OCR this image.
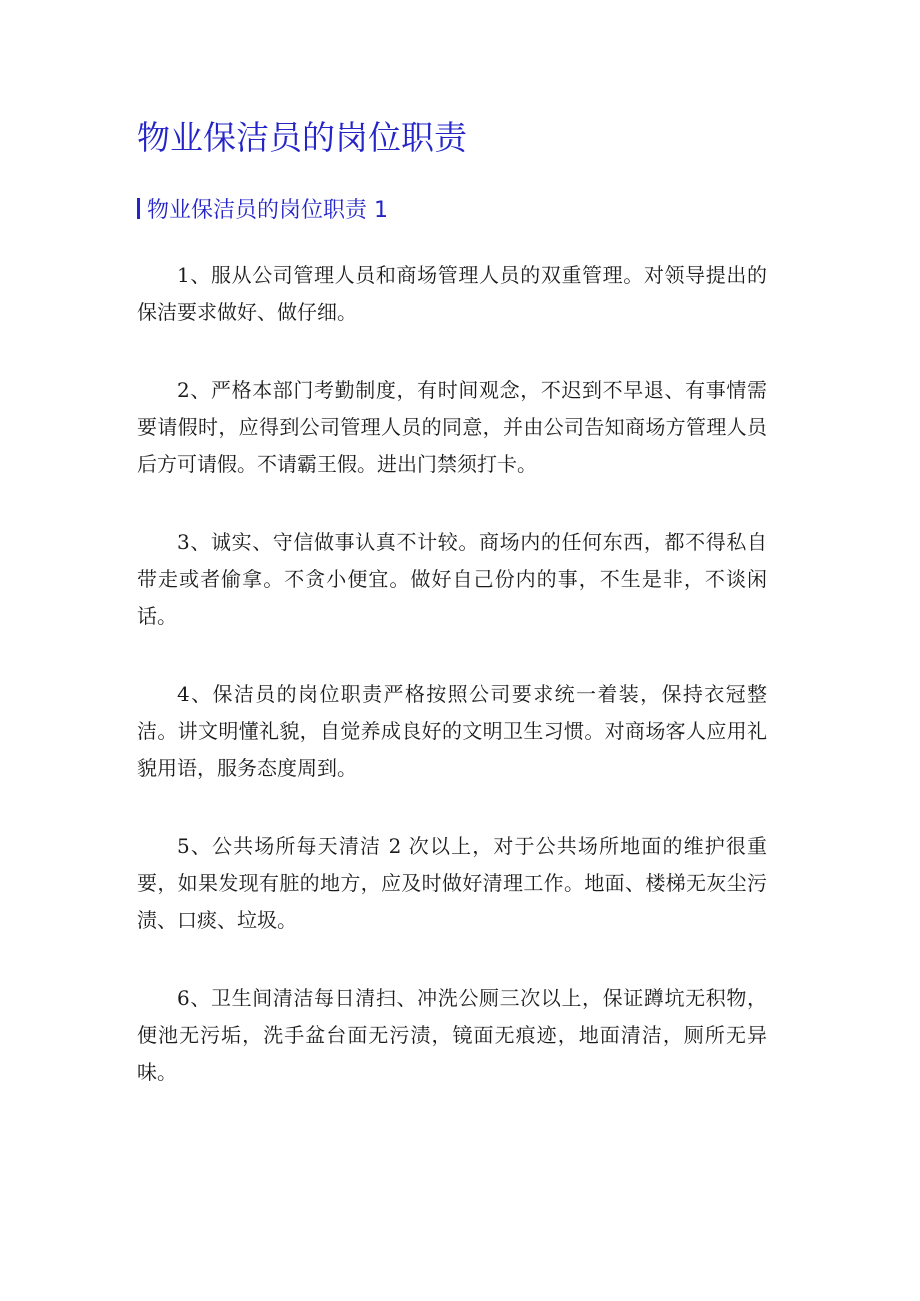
物业保洁员的岗位职责
物业保洁员的岗位职责 1

1、服从公司管理人员和商场管理人员的双重管理。对领导提出的保洁要求做好、做仔细。

2、严格本部门考勤制度，有时间观念，不迟到不早退、有事情需要请假时，应得到公司管理人员的同意，并由公司告知商场方管理人员后方可请假。不请霸王假。进出门禁须打卡。

3、诚实、守信做事认真不计较。商场内的任何东西，都不得私自带走或者偷拿。不贪小便宜。做好自己份内的事，不生是非，不谈闲话。

4、保洁员的岗位职责严格按照公司要求统一着装，保持衣冠整洁。讲文明懂礼貌，自觉养成良好的文明卫生习惯。对商场客人应用礼貌用语，服务态度周到。

5、公共场所每天清洁 2 次以上，对于公共场所地面的维护很重要，如果发现有脏的地方，应及时做好清理工作。地面、楼梯无灰尘污渍、口痰、垃圾。

6、卫生间清洁每日清扫、冲洗公厕三次以上，保证蹲坑无积物，便池无污垢，洗手盆台面无污渍，镜面无痕迹，地面清洁，厕所无异味。
